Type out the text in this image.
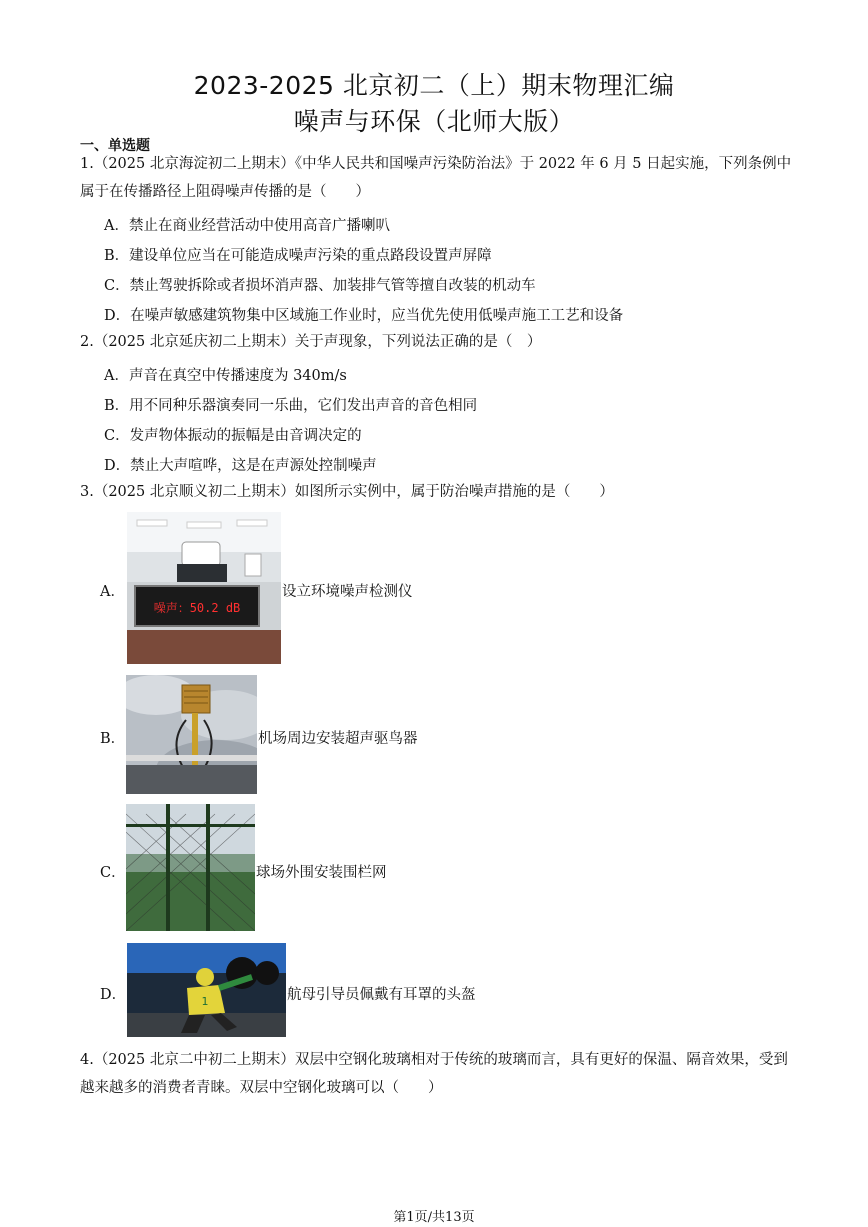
2023-2025 北京初二（上）期末物理汇编
噪声与环保（北师大版）
一、单选题
1.（2025 北京海淀初二上期末）《中华人民共和国噪声污染防治法》于 2022 年 6 月 5 日起实施，下列条例中属于在传播路径上阻碍噪声传播的是（　　）
A．禁止在商业经营活动中使用高音广播喇叭
B．建设单位应当在可能造成噪声污染的重点路段设置声屏障
C．禁止驾驶拆除或者损坏消声器、加装排气管等擅自改装的机动车
D．在噪声敏感建筑物集中区域施工作业时，应当优先使用低噪声施工工艺和设备
2.（2025 北京延庆初二上期末）关于声现象，下列说法正确的是（　）
A．声音在真空中传播速度为 340m/s
B．用不同种乐器演奏同一乐曲，它们发出声音的音色相同
C．发声物体振动的振幅是由音调决定的
D．禁止大声喧哗，这是在声源处控制噪声
3.（2025 北京顺义初二上期末）如图所示实例中，属于防治噪声措施的是（　　）
A．
噪声：50.2 dB
设立环境噪声检测仪
B．	机场周边安装超声驱鸟器
C．	球场外围安装围栏网
D．	1	航母引导员佩戴有耳罩的头盔
4.（2025 北京二中初二上期末）双层中空钢化玻璃相对于传统的玻璃而言，具有更好的保温、隔音效果，受到越来越多的消费者青睐。双层中空钢化玻璃可以（　　）
第1页/共13页
